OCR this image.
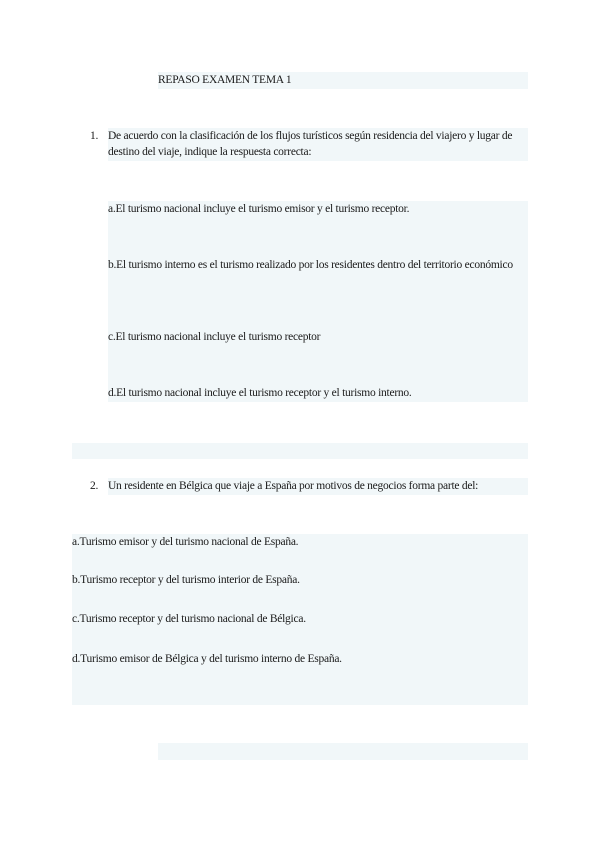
REPASO EXAMEN TEMA 1
1. De acuerdo con la clasificación de los flujos turísticos según residencia del viajero y lugar de destino del viaje, indique la respuesta correcta:
a.El turismo nacional incluye el turismo emisor y el turismo receptor.
b.El turismo interno es el turismo realizado por los residentes dentro del territorio económico
c.El turismo nacional incluye el turismo receptor
d.El turismo nacional incluye el turismo receptor y el turismo interno.
2. Un residente en Bélgica que viaje a España por motivos de negocios forma parte del:
a.Turismo emisor y del turismo nacional de España.
b.Turismo receptor y del turismo interior de España.
c.Turismo receptor y del turismo nacional de Bélgica.
d.Turismo emisor de Bélgica y del turismo interno de España.
